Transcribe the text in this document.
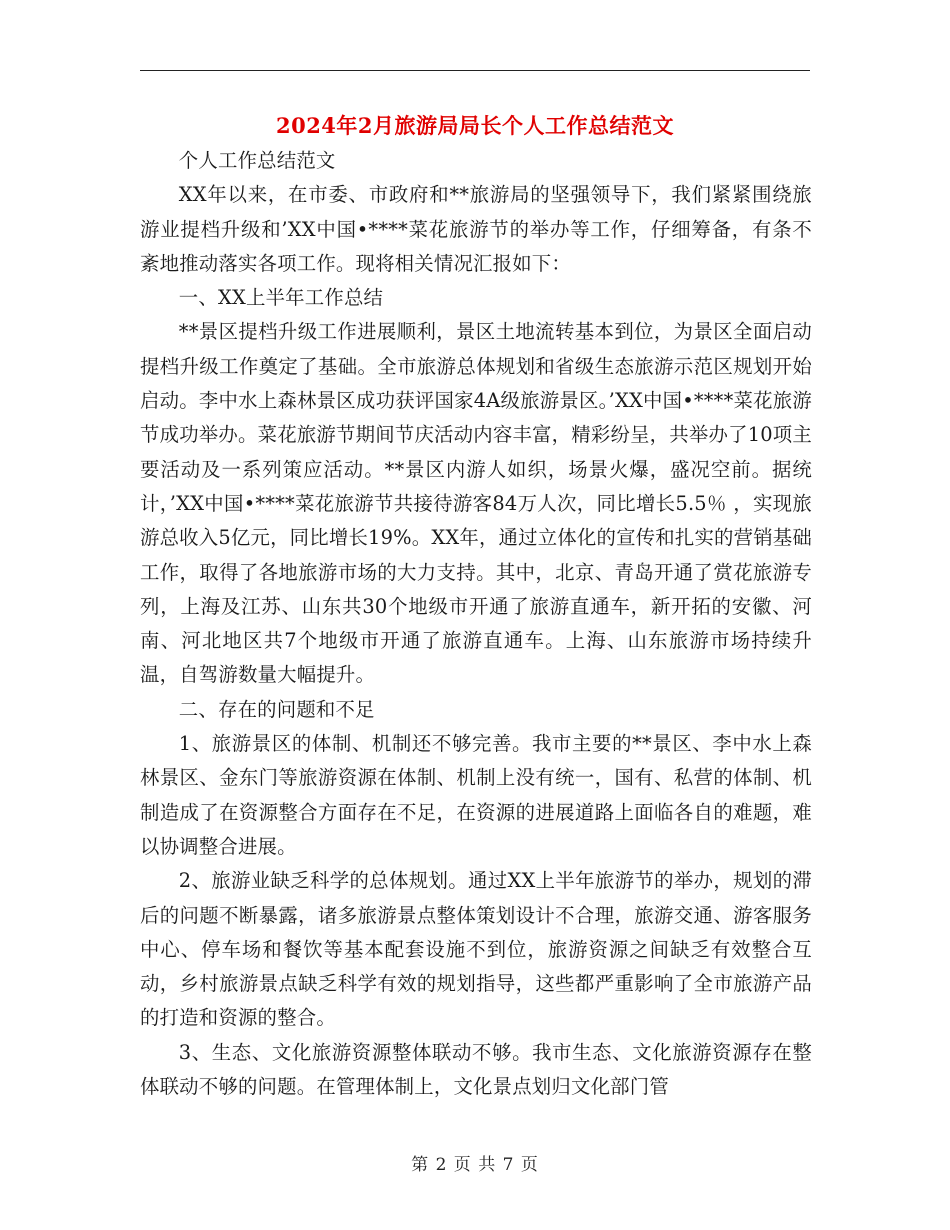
2024年2月旅游局局长个人工作总结范文

个人工作总结范文

XX年以来，在市委、市政府和**旅游局的坚强领导下，我们紧紧围绕旅游业提档升级和’XX中国•****菜花旅游节的举办等工作，仔细筹备，有条不紊地推动落实各项工作。现将相关情况汇报如下：

一、XX上半年工作总结

**景区提档升级工作进展顺利，景区土地流转基本到位，为景区全面启动提档升级工作奠定了基础。全市旅游总体规划和省级生态旅游示范区规划开始启动。李中水上森林景区成功获评国家4A级旅游景区。’XX中国•****菜花旅游节成功举办。菜花旅游节期间节庆活动内容丰富，精彩纷呈，共举办了10项主要活动及一系列策应活动。**景区内游人如织，场景火爆，盛况空前。据统计，’XX中国•****菜花旅游节共接待游客84万人次，同比增长5.5％ ，实现旅游总收入5亿元，同比增长19%。XX年，通过立体化的宣传和扎实的营销基础工作，取得了各地旅游市场的大力支持。其中，北京、青岛开通了赏花旅游专列，上海及江苏、山东共30个地级市开通了旅游直通车，新开拓的安徽、河南、河北地区共7个地级市开通了旅游直通车。上海、山东旅游市场持续升温，自驾游数量大幅提升。

二、存在的问题和不足

1、旅游景区的体制、机制还不够完善。我市主要的**景区、李中水上森林景区、金东门等旅游资源在体制、机制上没有统一，国有、私营的体制、机制造成了在资源整合方面存在不足，在资源的进展道路上面临各自的难题，难以协调整合进展。

2、旅游业缺乏科学的总体规划。通过XX上半年旅游节的举办，规划的滞后的问题不断暴露，诸多旅游景点整体策划设计不合理，旅游交通、游客服务中心、停车场和餐饮等基本配套设施不到位，旅游资源之间缺乏有效整合互动，乡村旅游景点缺乏科学有效的规划指导，这些都严重影响了全市旅游产品的打造和资源的整合。

3、生态、文化旅游资源整体联动不够。我市生态、文化旅游资源存在整体联动不够的问题。在管理体制上，文化景点划归文化部门管

第 2 页 共 7 页
